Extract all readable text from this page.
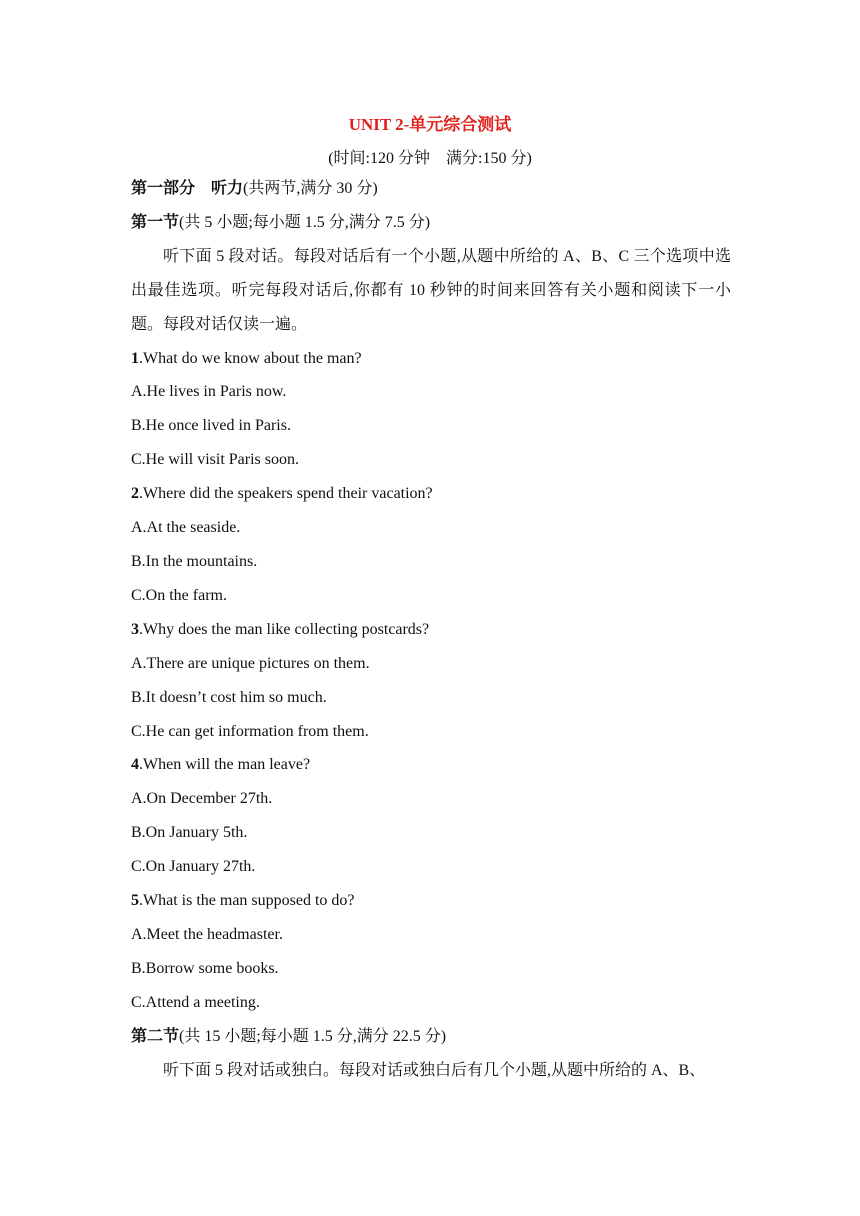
UNIT 2-单元综合测试
(时间:120 分钟　满分:150 分)
第一部分　听力(共两节,满分 30 分)
第一节(共 5 小题;每小题 1.5 分,满分 7.5 分)
听下面 5 段对话。每段对话后有一个小题,从题中所给的 A、B、C 三个选项中选出最佳选项。听完每段对话后,你都有 10 秒钟的时间来回答有关小题和阅读下一小题。每段对话仅读一遍。
1.What do we know about the man?
A.He lives in Paris now.
B.He once lived in Paris.
C.He will visit Paris soon.
2.Where did the speakers spend their vacation?
A.At the seaside.
B.In the mountains.
C.On the farm.
3.Why does the man like collecting postcards?
A.There are unique pictures on them.
B.It doesn’t cost him so much.
C.He can get information from them.
4.When will the man leave?
A.On December 27th.
B.On January 5th.
C.On January 27th.
5.What is the man supposed to do?
A.Meet the headmaster.
B.Borrow some books.
C.Attend a meeting.
第二节(共 15 小题;每小题 1.5 分,满分 22.5 分)
听下面 5 段对话或独白。每段对话或独白后有几个小题,从题中所给的 A、B、
